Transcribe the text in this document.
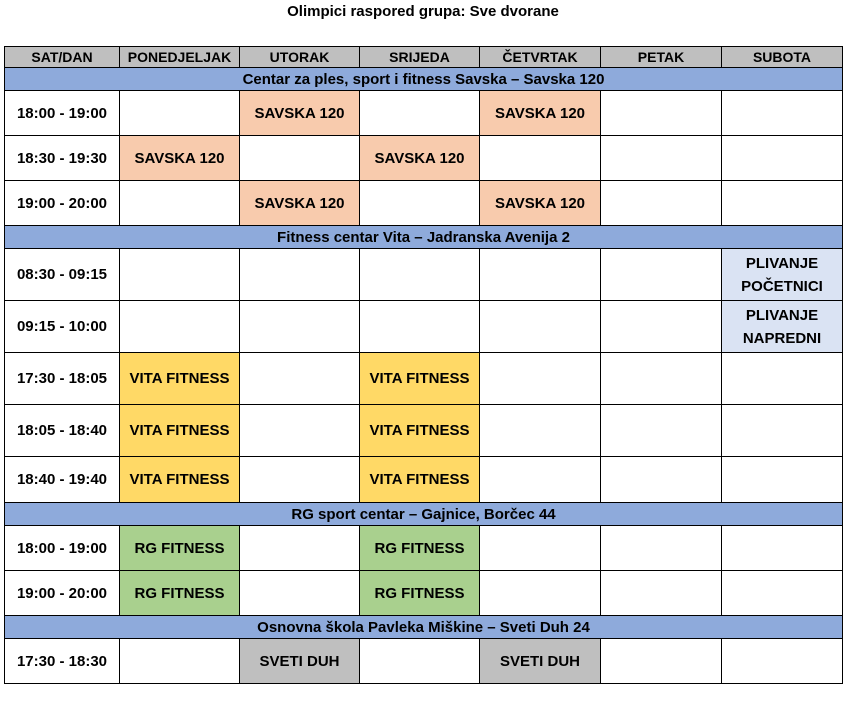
Olimpici raspored grupa: Sve dvorane
SAT/DAN	PONEDJELJAK	UTORAK	SRIJEDA	ČETVRTAK	PETAK	SUBOTA
Centar za ples, sport i fitness Savska – Savska 120						
18:00 - 19:00		SAVSKA 120		SAVSKA 120		
18:30 - 19:30	SAVSKA 120		SAVSKA 120			
19:00 - 20:00		SAVSKA 120		SAVSKA 120		
Fitness centar Vita – Jadranska Avenija 2						
08:30 - 09:15						PLIVANJE POČETNICI
09:15 - 10:00						PLIVANJE NAPREDNI
17:30 - 18:05	VITA FITNESS		VITA FITNESS			
18:05 - 18:40	VITA FITNESS		VITA FITNESS			
18:40 - 19:40	VITA FITNESS		VITA FITNESS			
RG sport centar – Gajnice, Borčec 44						
18:00 - 19:00	RG FITNESS		RG FITNESS			
19:00 - 20:00	RG FITNESS		RG FITNESS			
Osnovna škola Pavleka Miškine – Sveti Duh 24						
17:30 - 18:30		SVETI DUH		SVETI DUH		
